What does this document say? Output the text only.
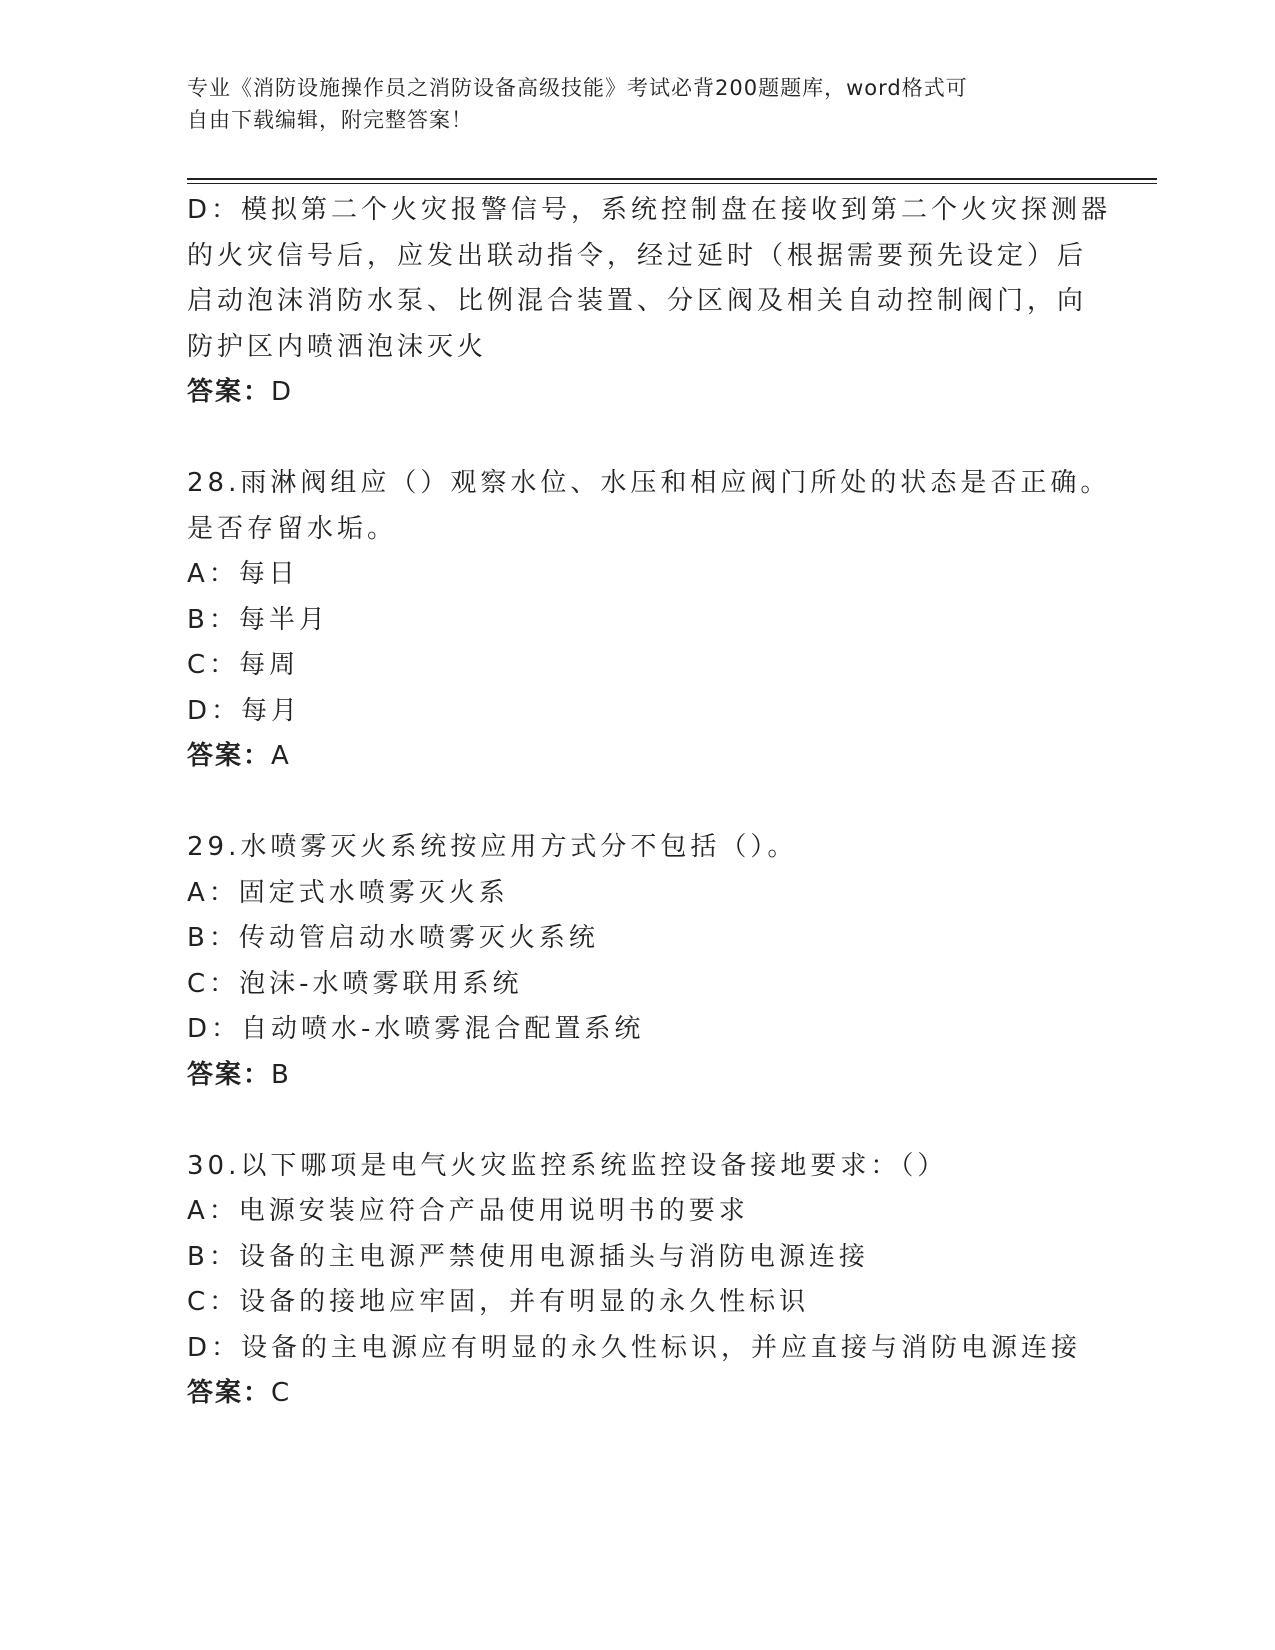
专业《消防设施操作员之消防设备高级技能》考试必背200题题库，word格式可
自由下载编辑，附完整答案！
D：模拟第二个火灾报警信号，系统控制盘在接收到第二个火灾探测器
的火灾信号后，应发出联动指令，经过延时（根据需要预先设定）后
启动泡沫消防水泵、比例混合装置、分区阀及相关自动控制阀门，向
防护区内喷洒泡沫灭火
答案：D
28.雨淋阀组应（）观察水位、水压和相应阀门所处的状态是否正确。
是否存留水垢。
A：每日
B：每半月
C：每周
D：每月
答案：A
29.水喷雾灭火系统按应用方式分不包括（）。
A：固定式水喷雾灭火系
B：传动管启动水喷雾灭火系统
C：泡沫-水喷雾联用系统
D：自动喷水-水喷雾混合配置系统
答案：B
30.以下哪项是电气火灾监控系统监控设备接地要求：（）
A：电源安装应符合产品使用说明书的要求
B：设备的主电源严禁使用电源插头与消防电源连接
C：设备的接地应牢固，并有明显的永久性标识
D：设备的主电源应有明显的永久性标识，并应直接与消防电源连接
答案：C
